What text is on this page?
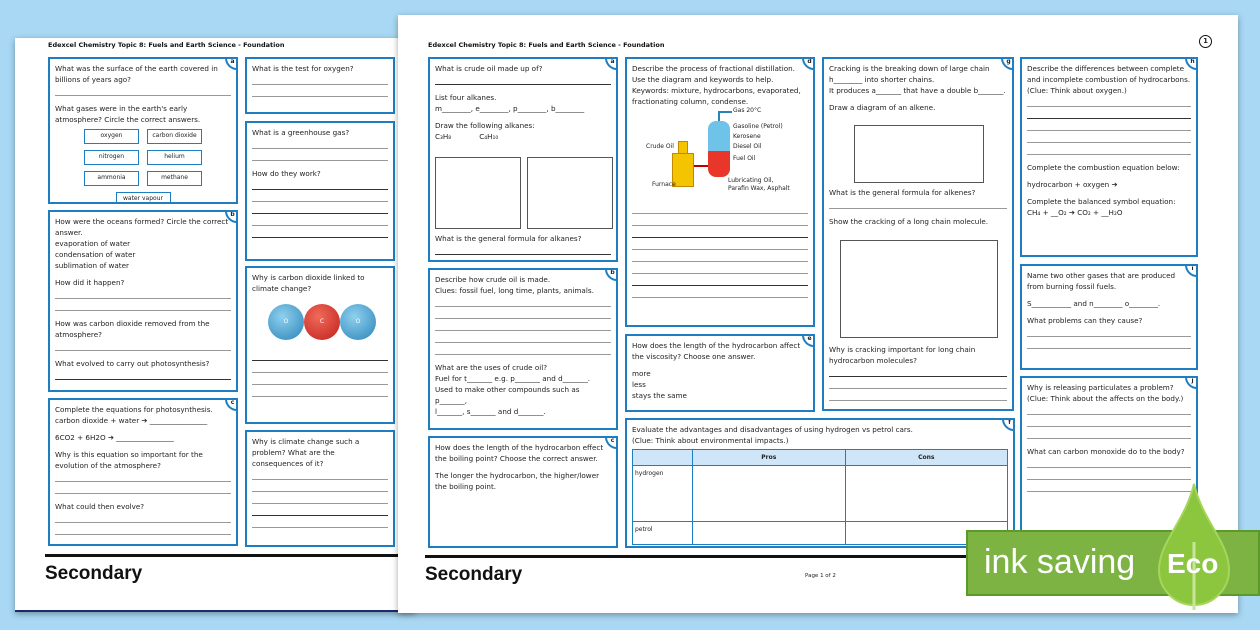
Edexcel Chemistry Topic 8: Fuels and Earth Science - Foundation
a
What was the surface of the earth covered in billions of years ago?
What gases were in the earth's early atmosphere? Circle the correct answers.
oxygen	carbon dioxide
nitrogen	helium
ammonia	methane
water vapour
b
How were the oceans formed? Circle the correct answer.
evaporation of water
condensation of water
sublimation of water
How did it happen?
How was carbon dioxide removed from the atmosphere?
What evolved to carry out photosynthesis?
c
Complete the equations for photosynthesis.
carbon dioxide + water ➔ ________________
6CO2 + 6H2O ➔ ________________
Why is this equation so important for the evolution of the atmosphere?
What could then evolve?
What is the test for oxygen?
What is a greenhouse gas?
How do they work?
Why is carbon dioxide linked to climate change?
O	C	O
Why is climate change such a problem? What are the consequences of it?
Secondary
Edexcel Chemistry Topic 8: Fuels and Earth Science - Foundation	1
a
What is crude oil made up of?
List four alkanes.
m________, e________, p________, b________
Draw the following alkanes:
C₃H₈	C₄H₁₀
What is the general formula for alkanes?
b
Describe how crude oil is made.
Clues: fossil fuel, long time, plants, animals.
What are the uses of crude oil?
Fuel for t_______ e.g. p_______ and d_______.
Used to make other compounds such as p_______,
l_______, s_______ and d_______.
c
How does the length of the hydrocarbon effect the boiling point? Choose the correct answer.
The longer the hydrocarbon, the higher/lower the boiling point.
d
Describe the process of fractional distillation. Use the diagram and keywords to help.
Keywords: mixture, hydrocarbons, evaporated, fractionating column, condense.
Gas 20°C
Gasoline (Petrol)
Kerosene
Diesel Oil
Fuel Oil
Lubricating Oil,
Parafin Wax, Asphalt
Crude Oil
Furnace
e
How does the length of the hydrocarbon affect the viscosity? Choose one answer.
more
less
stays the same
f
Evaluate the advantages and disadvantages of using hydrogen vs petrol cars.
(Clue: Think about environmental impacts.)
	Pros	Cons
hydrogen		
petrol		
g
Cracking is the breaking down of large chain
h________ into shorter chains.
It produces a_______ that have a double b_______.
Draw a diagram of an alkene.
What is the general formula for alkenes?
Show the cracking of a long chain molecule.
Why is cracking important for long chain hydrocarbon molecules?
h
Describe the differences between complete and incomplete combustion of hydrocarbons.
(Clue: Think about oxygen.)
Complete the combustion equation below:
hydrocarbon + oxygen ➔
Complete the balanced symbol equation:
CH₄ + __O₂ ➔ CO₂ + __H₂O
i
Name two other gases that are produced from burning fossil fuels.
S___________ and n________ o________.
What problems can they cause?
j
Why is releasing particulates a problem?
(Clue: Think about the affects on the body.)
What can carbon monoxide do to the body?
Secondary	Page 1 of 2	ink saving Eco
